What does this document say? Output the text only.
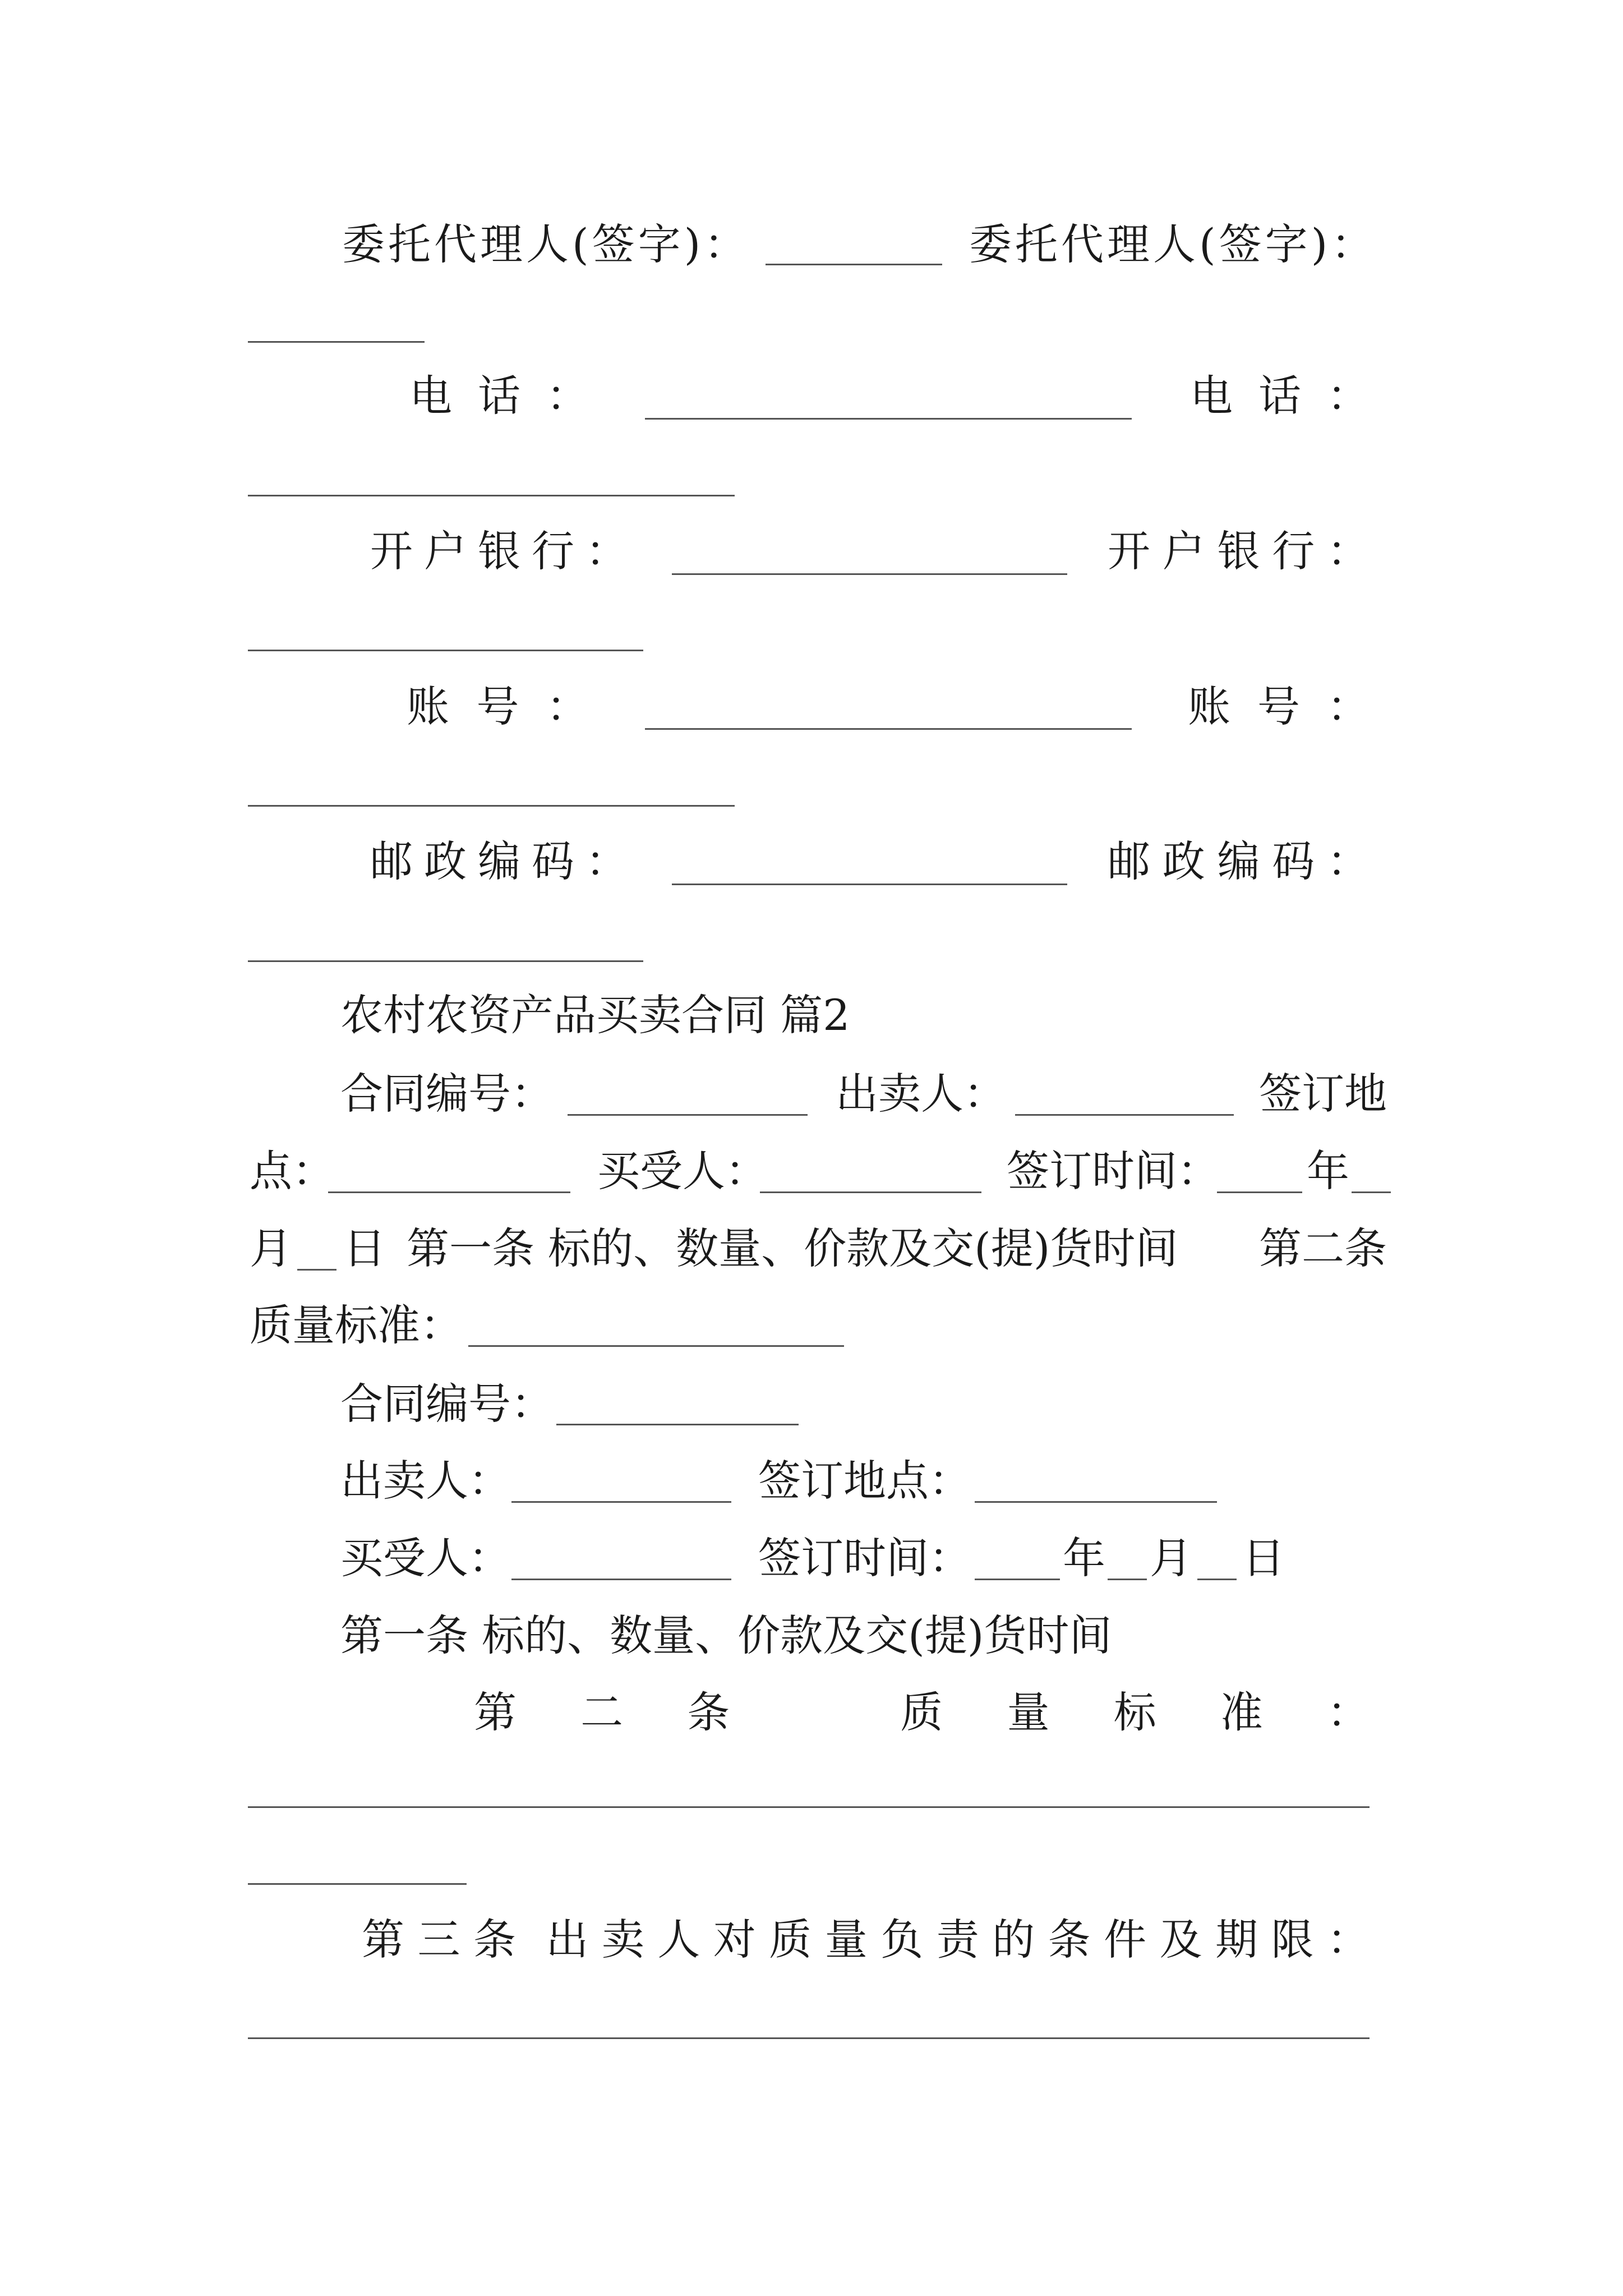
委托代理人(签字)：	委托代理人(签字)：
电 话 ：	电 话 ：
开 户 银 行 ：	开 户 银 行 ：
账 号 ：	账 号 ：
邮 政 编 码 ：	邮 政 编 码 ：
农村农资产品买卖合同 篇2
合同编号：	出卖人：	签订地
点：	买受人：	签订时间： 年
月 日 第一条 标的、数量、价款及交(提)货时间 第二条
质量标准：
合同编号：
出卖人：	签订地点：
买受人：	签订时间： 年 月 日
第一条 标的、数量、价款及交(提)货时间
第 二 条	质 量 标 准 ：
第 三 条 出 卖 人 对 质 量 负 责 的 条 件 及 期 限 ：
